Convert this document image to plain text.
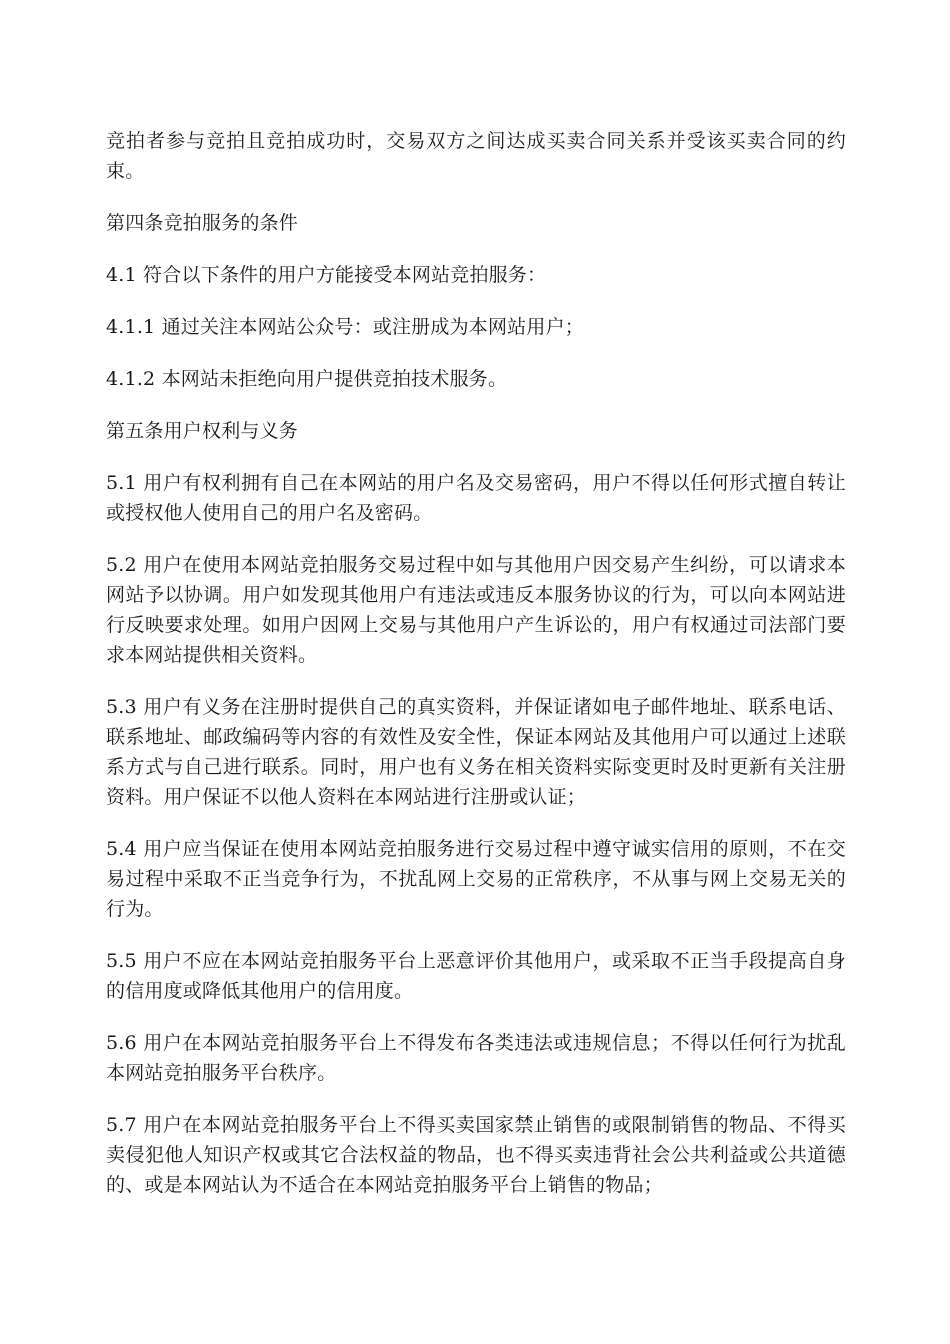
竞拍者参与竞拍且竞拍成功时，交易双方之间达成买卖合同关系并受该买卖合同的约束。

第四条竞拍服务的条件

4.1 符合以下条件的用户方能接受本网站竞拍服务：

4.1.1 通过关注本网站公众号：或注册成为本网站用户；

4.1.2 本网站未拒绝向用户提供竞拍技术服务。

第五条用户权利与义务

5.1 用户有权利拥有自己在本网站的用户名及交易密码，用户不得以任何形式擅自转让或授权他人使用自己的用户名及密码。

5.2 用户在使用本网站竞拍服务交易过程中如与其他用户因交易产生纠纷，可以请求本网站予以协调。用户如发现其他用户有违法或违反本服务协议的行为，可以向本网站进行反映要求处理。如用户因网上交易与其他用户产生诉讼的，用户有权通过司法部门要求本网站提供相关资料。

5.3 用户有义务在注册时提供自己的真实资料，并保证诸如电子邮件地址、联系电话、联系地址、邮政编码等内容的有效性及安全性，保证本网站及其他用户可以通过上述联系方式与自己进行联系。同时，用户也有义务在相关资料实际变更时及时更新有关注册资料。用户保证不以他人资料在本网站进行注册或认证；

5.4 用户应当保证在使用本网站竞拍服务进行交易过程中遵守诚实信用的原则，不在交易过程中采取不正当竞争行为，不扰乱网上交易的正常秩序，不从事与网上交易无关的行为。

5.5 用户不应在本网站竞拍服务平台上恶意评价其他用户，或采取不正当手段提高自身的信用度或降低其他用户的信用度。

5.6 用户在本网站竞拍服务平台上不得发布各类违法或违规信息；不得以任何行为扰乱本网站竞拍服务平台秩序。

5.7 用户在本网站竞拍服务平台上不得买卖国家禁止销售的或限制销售的物品、不得买卖侵犯他人知识产权或其它合法权益的物品，也不得买卖违背社会公共利益或公共道德的、或是本网站认为不适合在本网站竞拍服务平台上销售的物品；
